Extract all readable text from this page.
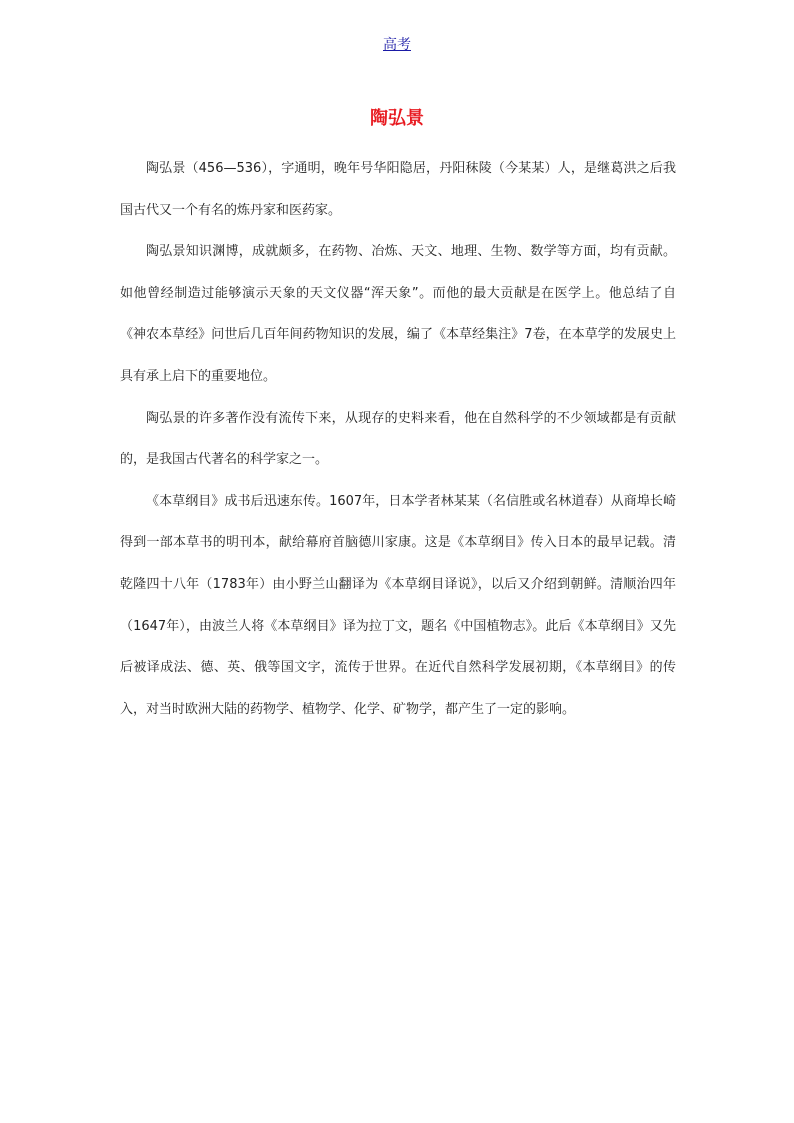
高考
陶弘景

陶弘景（456—536），字通明，晚年号华阳隐居，丹阳秣陵（今某某）人，是继葛洪之后我国古代又一个有名的炼丹家和医药家。

陶弘景知识渊博，成就颇多，在药物、冶炼、天文、地理、生物、数学等方面，均有贡献。如他曾经制造过能够演示天象的天文仪器“浑天象”。而他的最大贡献是在医学上。他总结了自《神农本草经》问世后几百年间药物知识的发展，编了《本草经集注》7卷，在本草学的发展史上具有承上启下的重要地位。

陶弘景的许多著作没有流传下来，从现存的史料来看，他在自然科学的不少领域都是有贡献的，是我国古代著名的科学家之一。

《本草纲目》成书后迅速东传。1607年，日本学者林某某（名信胜或名林道春）从商埠长崎得到一部本草书的明刊本，献给幕府首脑德川家康。这是《本草纲目》传入日本的最早记载。清乾隆四十八年（1783年）由小野兰山翻译为《本草纲目译说》，以后又介绍到朝鲜。清顺治四年（1647年），由波兰人将《本草纲目》译为拉丁文，题名《中国植物志》。此后《本草纲目》又先后被译成法、德、英、俄等国文字，流传于世界。在近代自然科学发展初期，《本草纲目》的传入，对当时欧洲大陆的药物学、植物学、化学、矿物学，都产生了一定的影响。
